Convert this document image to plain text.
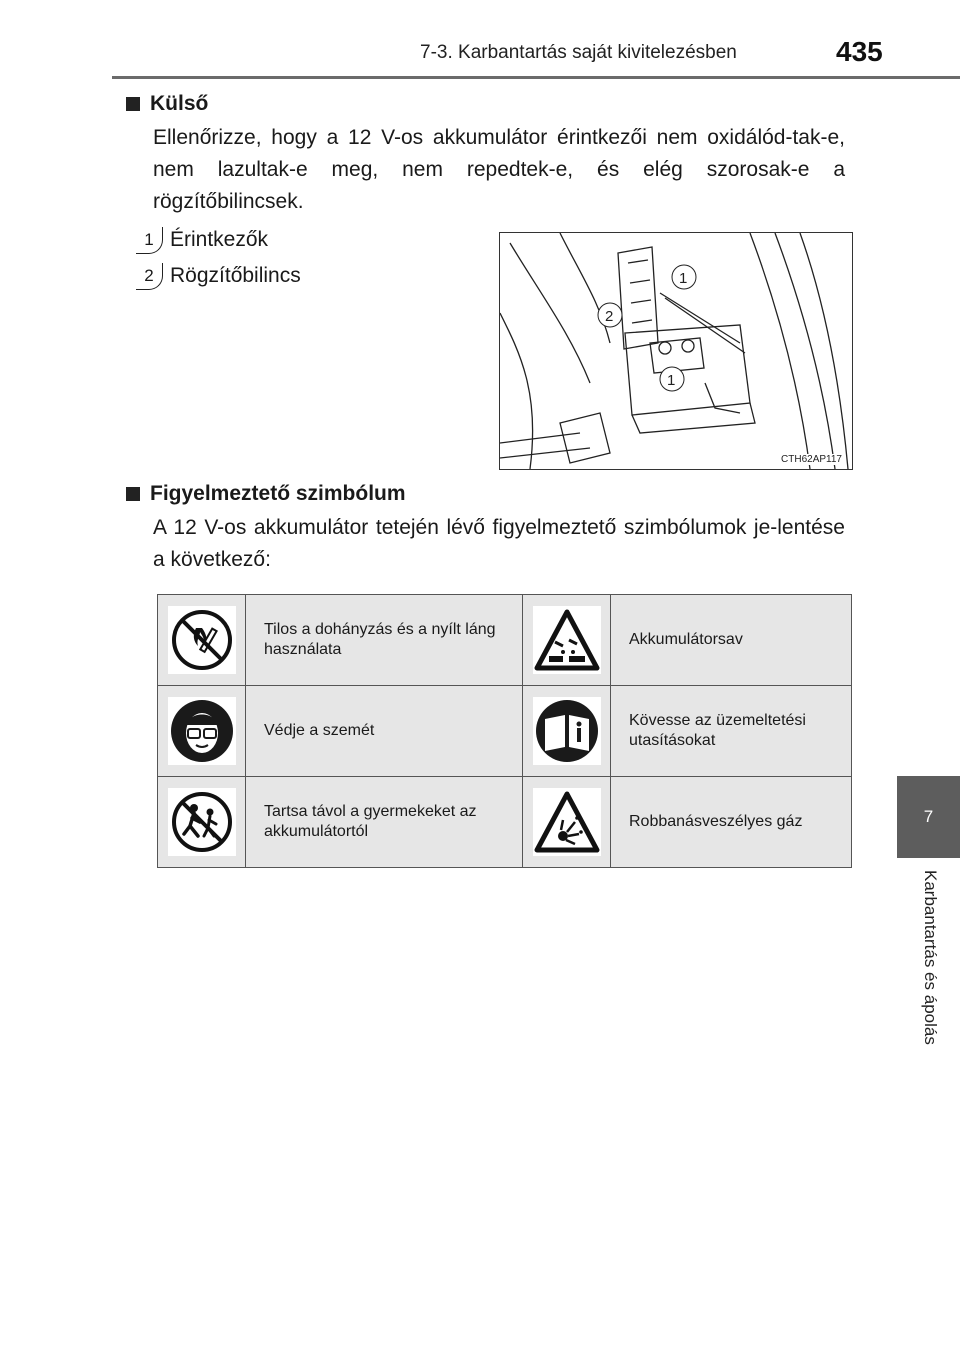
7-3. Karbantartás saját kivitelezésben	435
7
Karbantartás és ápolás
Külső
Ellenőrizze, hogy a 12 V-os akkumulátor érintkezői nem oxidálód-tak-e, nem lazultak-e meg, nem repedtek-e, és elég szorosak-e a rögzítőbilincsek.
1 Érintkezők
2 Rögzítőbilincs	1
2
1
CTH62AP117
Figyelmeztető szimbólum
A 12 V-os akkumulátor tetején lévő figyelmeztető szimbólumok je-lentése a következő:
	Tilos a dohányzás és a nyílt láng használata		Akkumulátorsav

	Védje a szemét		Kövesse az üzemeltetési utasításokat

	Tartsa távol a gyermekeket az akkumulátortól		Robbanásveszélyes gáz
